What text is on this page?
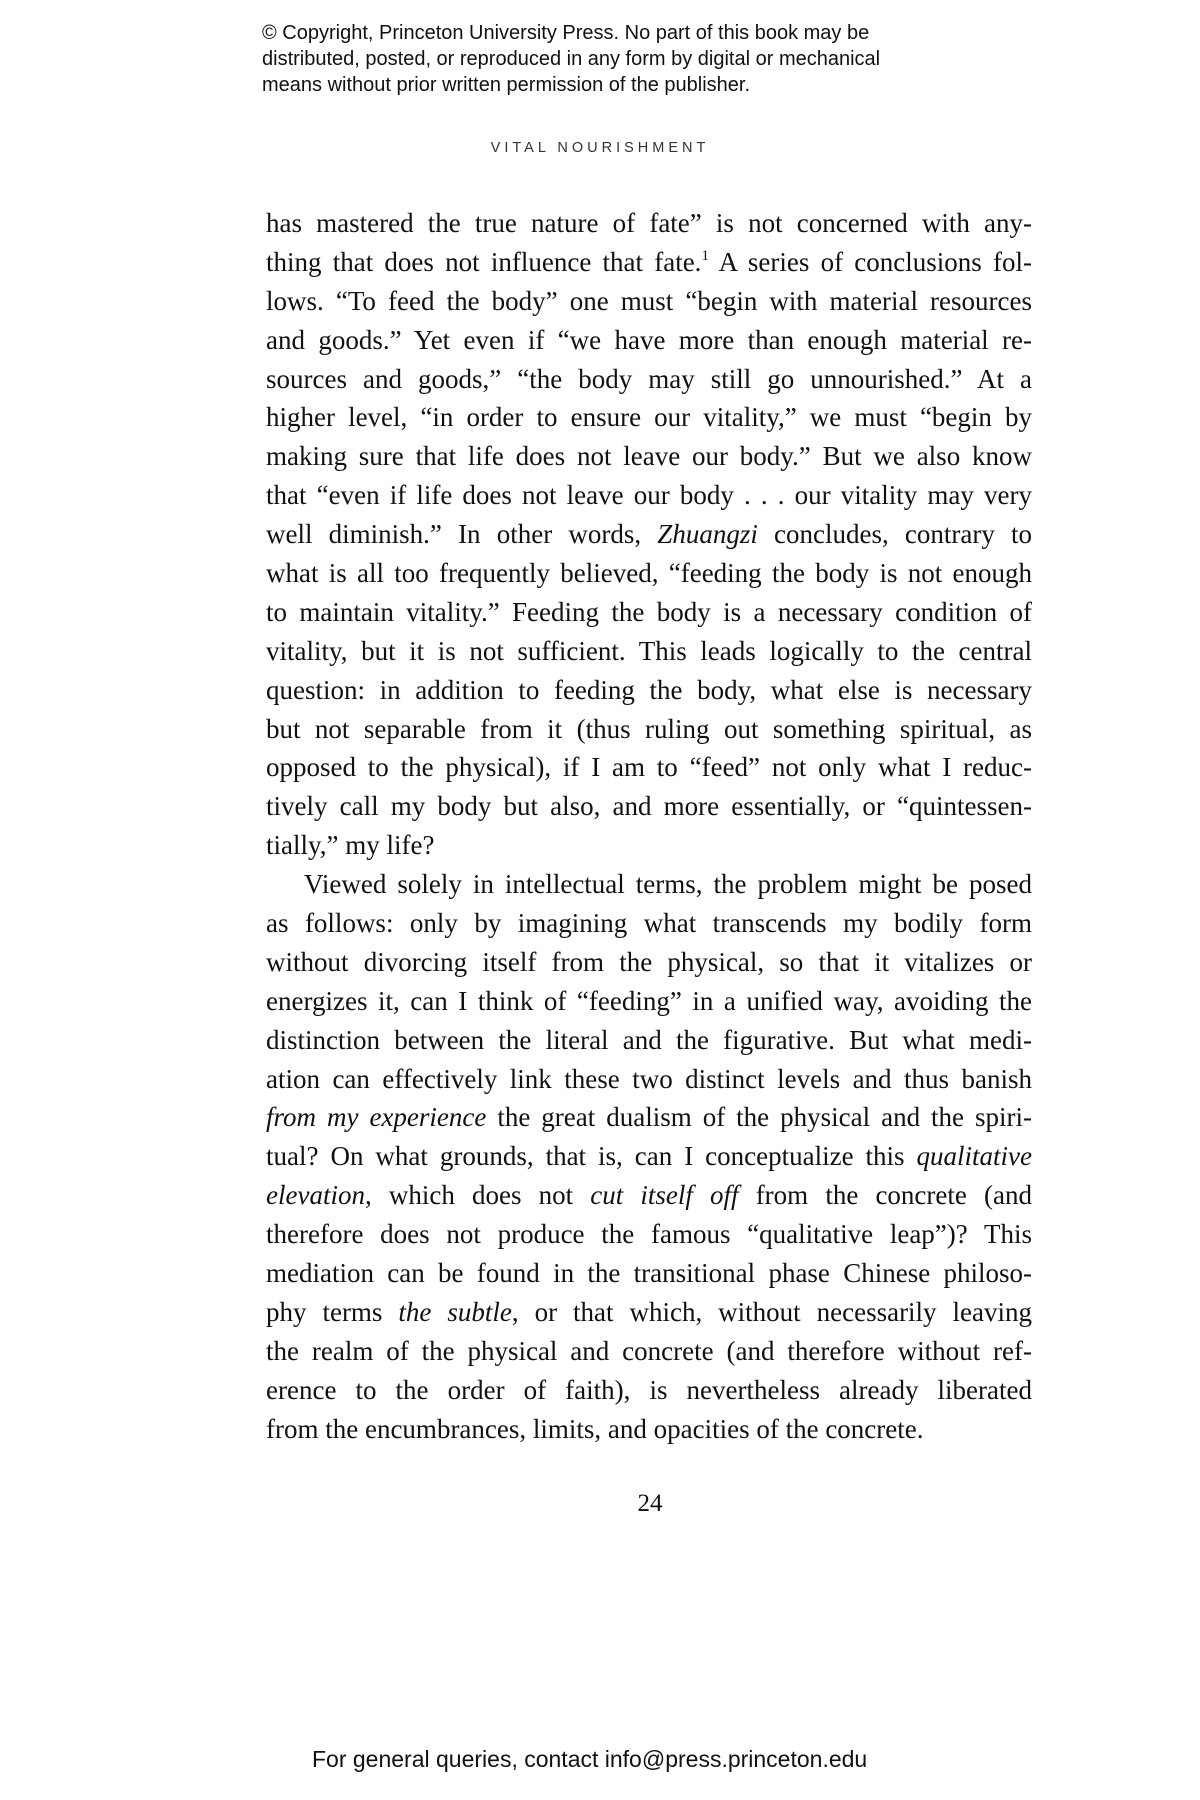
© Copyright, Princeton University Press. No part of this book may be
distributed, posted, or reproduced in any form by digital or mechanical
means without prior written permission of the publisher.
VITAL NOURISHMENT
has mastered the true nature of fate” is not concerned with any-
thing that does not influence that fate.$^1$ A series of conclusions fol-
lows. “To feed the body” one must “begin with material resources
and goods.” Yet even if “we have more than enough material re-
sources and goods,” “the body may still go unnourished.” At a
higher level, “in order to ensure our vitality,” we must “begin by
making sure that life does not leave our body.” But we also know
that “even if life does not leave our body . . . our vitality may very
well diminish.” In other words, Zhuangzi concludes, contrary to
what is all too frequently believed, “feeding the body is not enough
to maintain vitality.” Feeding the body is a necessary condition of
vitality, but it is not sufficient. This leads logically to the central
question: in addition to feeding the body, what else is necessary
but not separable from it (thus ruling out something spiritual, as
opposed to the physical), if I am to “feed” not only what I reduc-
tively call my body but also, and more essentially, or “quintessen-
tially,” my life?
Viewed solely in intellectual terms, the problem might be posed
as follows: only by imagining what transcends my bodily form
without divorcing itself from the physical, so that it vitalizes or
energizes it, can I think of “feeding” in a unified way, avoiding the
distinction between the literal and the figurative. But what medi-
ation can effectively link these two distinct levels and thus banish
from my experience the great dualism of the physical and the spiri-
tual? On what grounds, that is, can I conceptualize this qualitative
elevation, which does not cut itself off from the concrete (and
therefore does not produce the famous “qualitative leap”)? This
mediation can be found in the transitional phase Chinese philoso-
phy terms the subtle, or that which, without necessarily leaving
the realm of the physical and concrete (and therefore without ref-
erence to the order of faith), is nevertheless already liberated
from the encumbrances, limits, and opacities of the concrete.
24
For general queries, contact info@press.princeton.edu
